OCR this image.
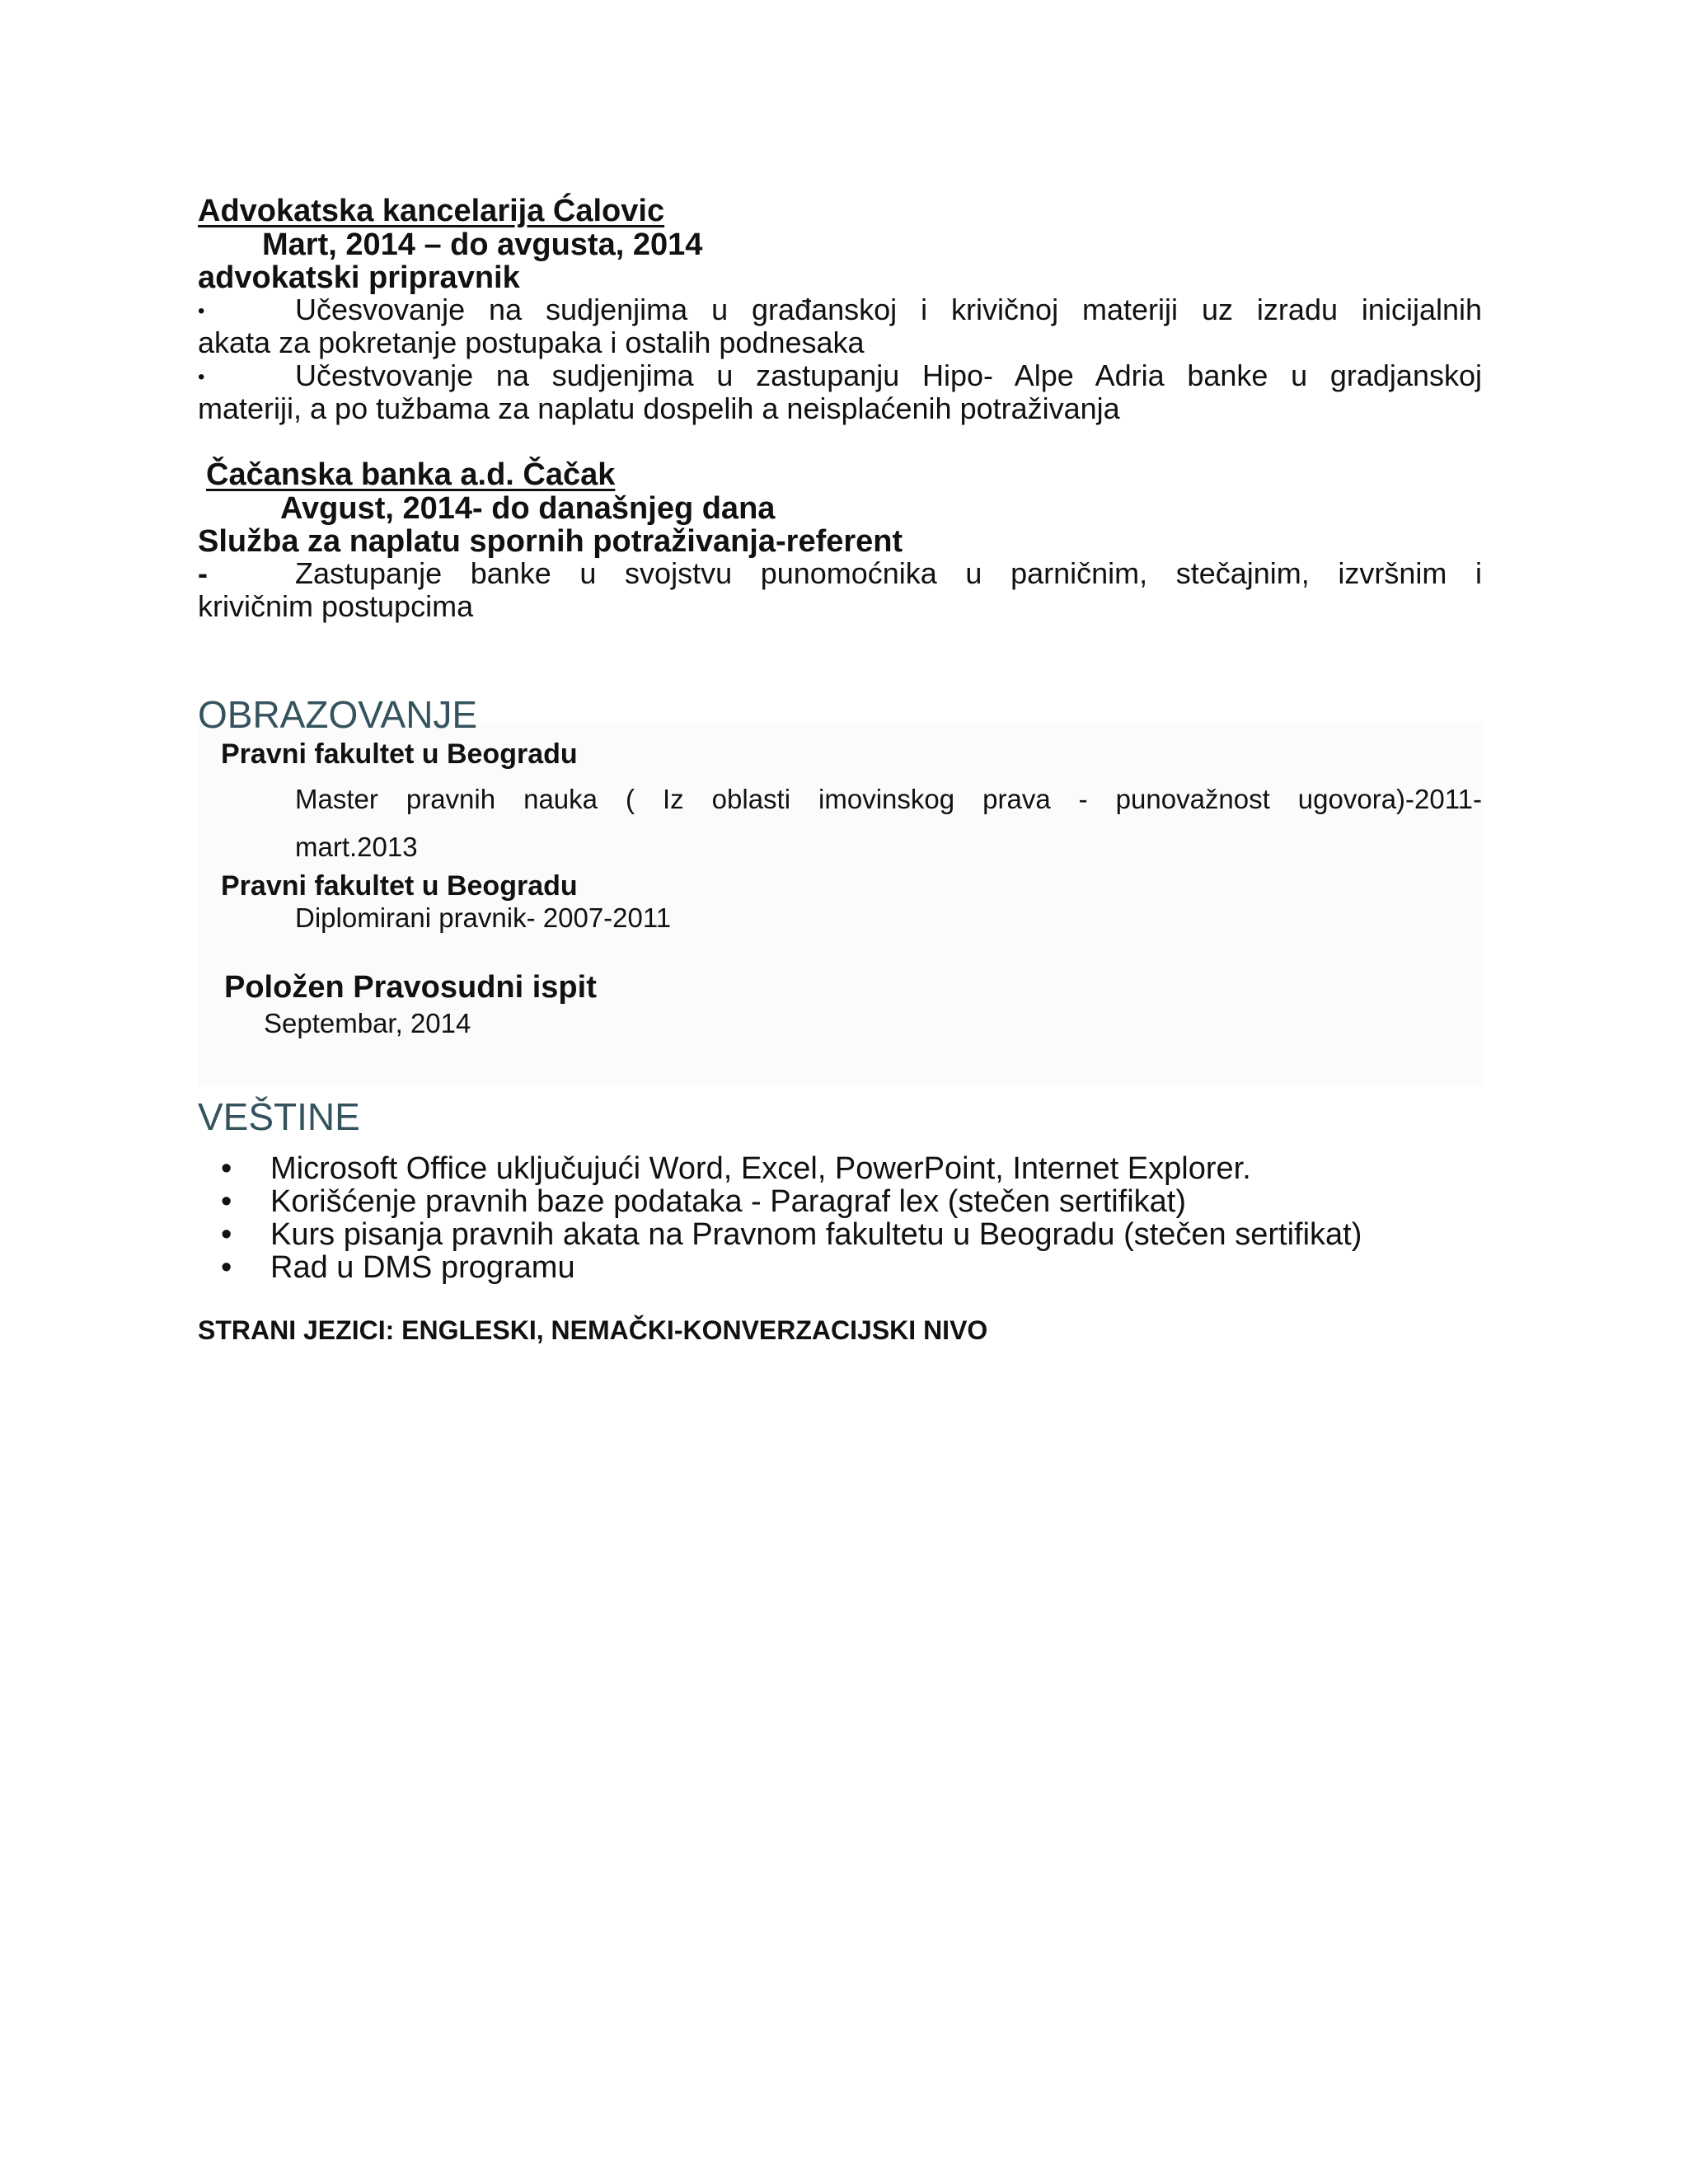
Advokatska kancelarija Ćalovic
Mart, 2014 – do avgusta, 2014
advokatski pripravnik
•	Učesvovanje na sudjenjima u građanskoj i krivičnoj materiji uz izradu inicijalnih
akata za pokretanje postupaka i ostalih podnesaka
•	Učestvovanje na sudjenjima u zastupanju Hipo- Alpe Adria banke u gradjanskoj
materiji, a po tužbama za naplatu dospelih a neisplaćenih potraživanja
Čačanska banka a.d. Čačak
Avgust, 2014- do današnjeg dana
Služba za naplatu spornih potraživanja-referent
-	Zastupanje banke u svojstvu punomoćnika u parničnim, stečajnim, izvršnim i
krivičnim postupcima
OBRAZOVANJE
Pravni fakultet u Beogradu
Master pravnih nauka ( Iz oblasti imovinskog prava - punovažnost ugovora)-2011-
mart.2013
Pravni fakultet u Beogradu
Diplomirani pravnik- 2007-2011
Položen Pravosudni ispit
Septembar, 2014
VEŠTINE
• Microsoft Office uključujući Word, Excel, PowerPoint, Internet Explorer.
• Korišćenje pravnih baze podataka - Paragraf lex (stečen sertifikat)
• Kurs pisanja pravnih akata na Pravnom fakultetu u Beogradu (stečen sertifikat)
• Rad u DMS programu
STRANI JEZICI: ENGLESKI, NEMAČKI-KONVERZACIJSKI NIVO
